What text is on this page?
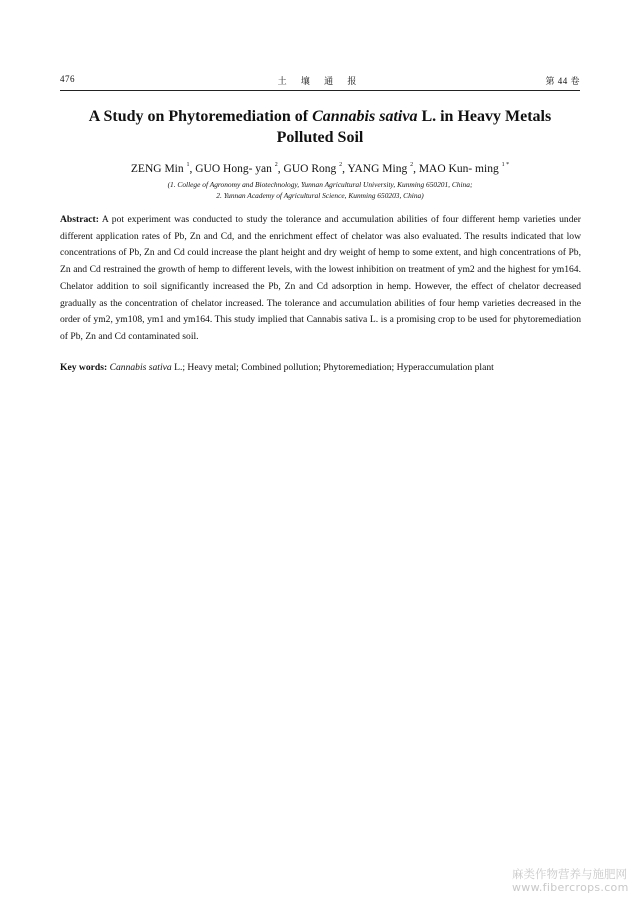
476	土 壤 通 报	第 44 卷
A Study on Phytoremediation of Cannabis sativa L. in Heavy Metals Polluted Soil
ZENG Min $^1$, GUO Hong- yan $^2$, GUO Rong $^2$, YANG Ming $^2$, MAO Kun- ming $^{1 *}$
(1. College of Agronomy and Biotechnology, Yunnan Agricultural University, Kunming 650201, China;
2. Yunnan Academy of Agricultural Science, Kunming 650203, China)
Abstract: A pot experiment was conducted to study the tolerance and accumulation abilities of four different hemp varieties under different application rates of Pb, Zn and Cd, and the enrichment effect of chelator was also evaluated. The results indicated that low concentrations of Pb, Zn and Cd could increase the plant height and dry weight of hemp to some extent, and high concentrations of Pb, Zn and Cd restrained the growth of hemp to different levels, with the lowest inhibition on treatment of ym2 and the highest for ym164. Chelator addition to soil significantly increased the Pb, Zn and Cd adsorption in hemp. However, the effect of chelator decreased gradually as the concentration of chelator increased. The tolerance and accumulation abilities of four hemp varieties decreased in the order of ym2, ym108, ym1 and ym164. This study implied that Cannabis sativa L. is a promising crop to be used for phytoremediation of Pb, Zn and Cd contaminated soil.
Key words: Cannabis sativa L.; Heavy metal; Combined pollution; Phytoremediation; Hyperaccumulation plant
麻类作物营养与施肥网
www.fibercrops.com
